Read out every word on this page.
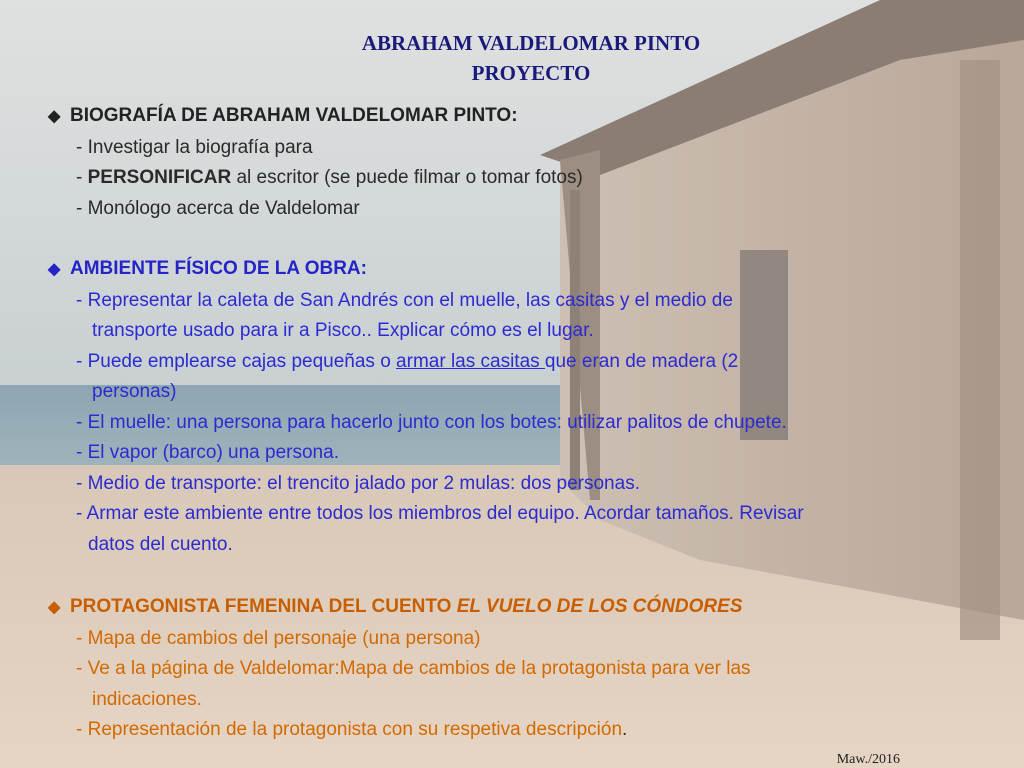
ABRAHAM VALDELOMAR PINTO
PROYECTO
◆ BIOGRAFÍA DE ABRAHAM VALDELOMAR PINTO:
- Investigar la biografía para
- PERSONIFICAR al escritor (se puede filmar o tomar fotos)
- Monólogo acerca de Valdelomar
◆ AMBIENTE FÍSICO DE LA OBRA:
- Representar la caleta de San Andrés con el muelle, las casitas y el medio de
transporte usado para ir a Pisco.. Explicar cómo es el lugar.
- Puede emplearse cajas pequeñas o armar las casitas que eran de madera (2
personas)
- El muelle: una persona para hacerlo junto con los botes: utilizar palitos de chupete.
- El vapor (barco) una persona.
- Medio de transporte: el trencito jalado por 2 mulas: dos personas.
- Armar este ambiente entre todos los miembros del equipo. Acordar tamaños. Revisar
datos del cuento.
◆ PROTAGONISTA FEMENINA DEL CUENTO EL VUELO DE LOS CÓNDORES
- Mapa de cambios del personaje (una persona)
- Ve a la página de Valdelomar:Mapa de cambios de la protagonista para ver las
indicaciones.
- Representación de la protagonista con su respetiva descripción.
Maw./2016
